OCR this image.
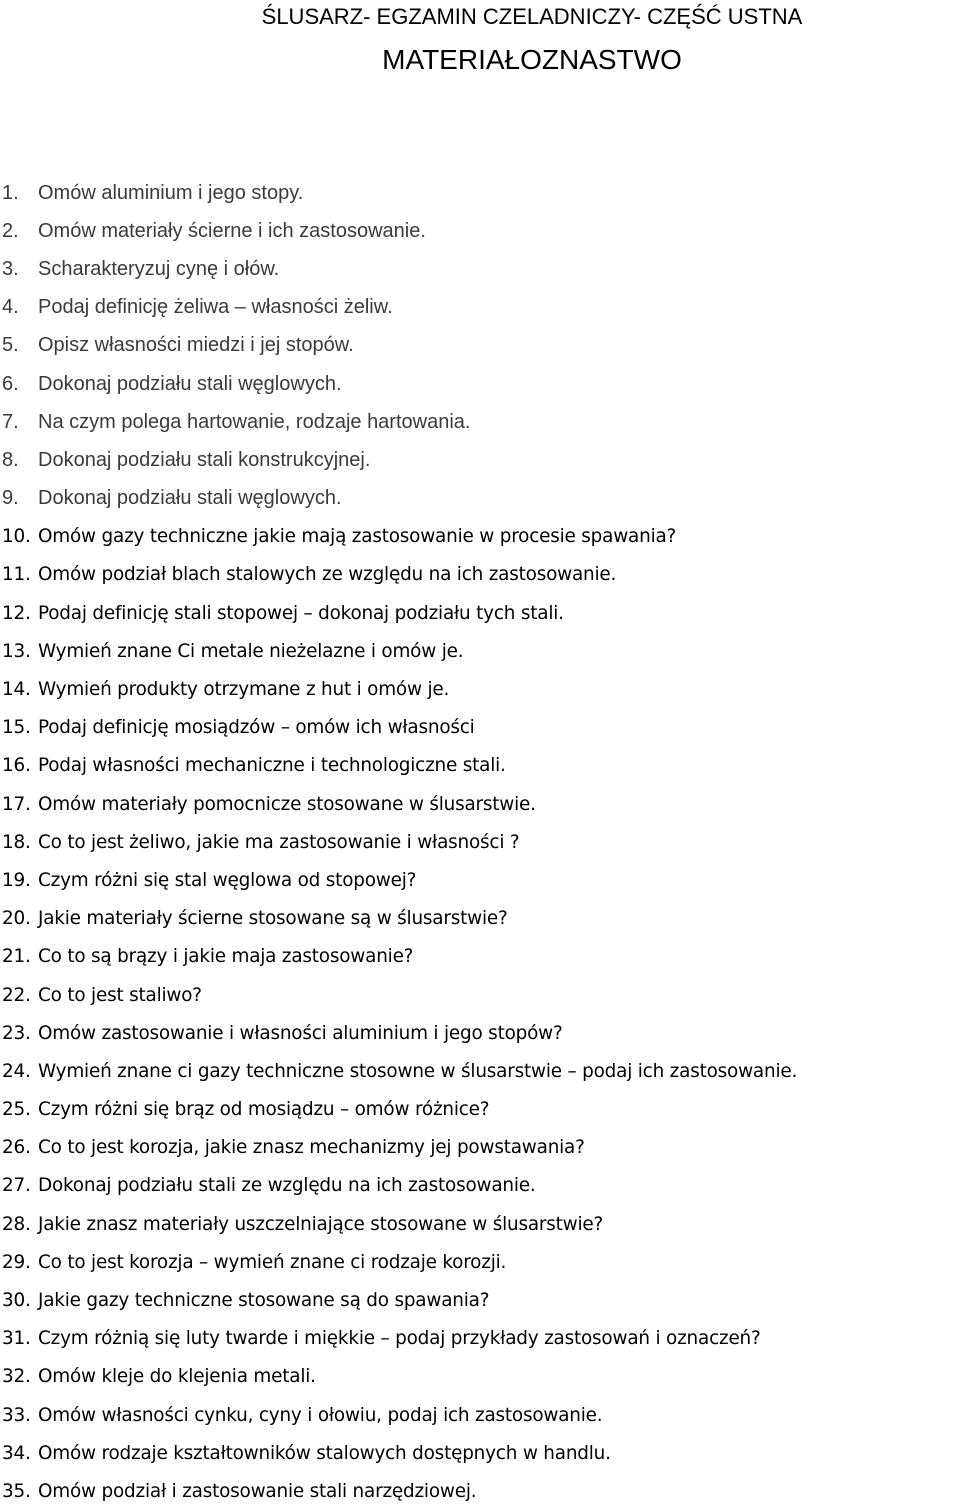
ŚLUSARZ- EGZAMIN CZELADNICZY- CZĘŚĆ USTNA
MATERIAŁOZNASTWO
1. Omów aluminium i jego stopy.
2. Omów materiały ścierne i ich zastosowanie.
3. Scharakteryzuj cynę i ołów.
4. Podaj definicję żeliwa – własności żeliw.
5. Opisz własności miedzi i jej stopów.
6. Dokonaj podziału stali węglowych.
7. Na czym polega hartowanie, rodzaje hartowania.
8. Dokonaj podziału stali konstrukcyjnej.
9. Dokonaj podziału stali węglowych.
10. Omów gazy techniczne jakie mają zastosowanie w procesie spawania?
11. Omów podział blach stalowych ze względu na ich zastosowanie.
12. Podaj definicję stali stopowej – dokonaj podziału tych stali.
13. Wymień znane Ci metale nieżelazne i omów je.
14. Wymień produkty otrzymane z hut i omów je.
15. Podaj definicję mosiądzów – omów ich własności
16. Podaj własności mechaniczne i technologiczne stali.
17. Omów materiały pomocnicze stosowane w ślusarstwie.
18. Co to jest żeliwo, jakie ma zastosowanie i własności ?
19. Czym różni się stal węglowa od stopowej?
20. Jakie materiały ścierne stosowane są w ślusarstwie?
21. Co to są brązy i jakie maja zastosowanie?
22. Co to jest staliwo?
23. Omów zastosowanie i własności aluminium i jego stopów?
24. Wymień znane ci gazy techniczne stosowne w ślusarstwie – podaj ich zastosowanie.
25. Czym różni się brąz od mosiądzu – omów różnice?
26. Co to jest korozja, jakie znasz mechanizmy jej powstawania?
27. Dokonaj podziału stali ze względu na ich zastosowanie.
28. Jakie znasz materiały uszczelniające stosowane w ślusarstwie?
29. Co to jest korozja – wymień znane ci rodzaje korozji.
30. Jakie gazy techniczne stosowane są do spawania?
31. Czym różnią się luty twarde i miękkie – podaj przykłady zastosowań i oznaczeń?
32. Omów kleje do klejenia metali.
33. Omów własności cynku, cyny i ołowiu, podaj ich zastosowanie.
34. Omów rodzaje kształtowników stalowych dostępnych w handlu.
35. Omów podział i zastosowanie stali narzędziowej.
